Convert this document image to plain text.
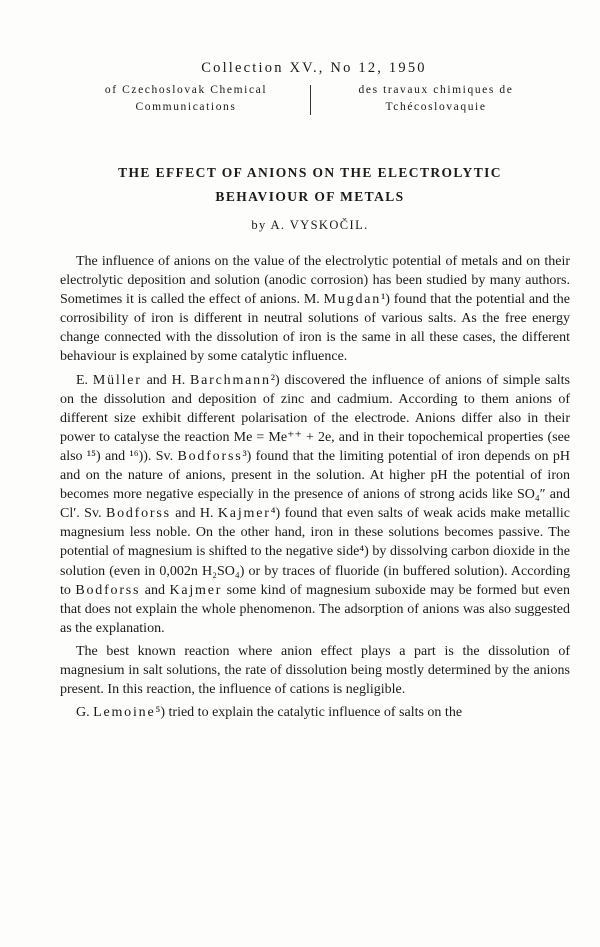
Collection XV., No 12, 1950
of Czechoslovak Chemical
Communications
des travaux chimiques de
Tchécoslovaquie
THE EFFECT OF ANIONS ON THE ELECTROLYTIC
BEHAVIOUR OF METALS
by A. VYSKOČIL.

The influence of anions on the value of the electrolytic potential of metals and on their electrolytic deposition and solution (anodic corrosion) has been studied by many authors. Sometimes it is called the effect of anions. M. Mugdan¹) found that the potential and the corrosibility of iron is different in neutral solutions of various salts. As the free energy change connected with the dissolution of iron is the same in all these cases, the different behaviour is explained by some catalytic influence.

E. Müller and H. Barchmann²) discovered the influence of anions of simple salts on the dissolution and deposition of zinc and cadmium. According to them anions of different size exhibit different polarisation of the electrode. Anions differ also in their power to catalyse the reaction Me = Me⁺⁺ + 2e, and in their topochemical properties (see also ¹⁵) and ¹⁶)). Sv. Bodforss³) found that the limiting potential of iron depends on pH and on the nature of anions, present in the solution. At higher pH the potential of iron becomes more negative especially in the presence of anions of strong acids like SO₄″ and Cl′. Sv. Bodforss and H. Kajmer⁴) found that even salts of weak acids make metallic magnesium less noble. On the other hand, iron in these solutions becomes passive. The potential of magnesium is shifted to the negative side⁴) by dissolving carbon dioxide in the solution (even in 0,002n H₂SO₄) or by traces of fluoride (in buffered solution). According to Bodforss and Kajmer some kind of magnesium suboxide may be formed but even that does not explain the whole phenomenon. The adsorption of anions was also suggested as the explanation.

The best known reaction where anion effect plays a part is the dissolution of magnesium in salt solutions, the rate of dissolution being mostly determined by the anions present. In this reaction, the influence of cations is negligible.

G. Lemoine⁵) tried to explain the catalytic influence of salts on the
